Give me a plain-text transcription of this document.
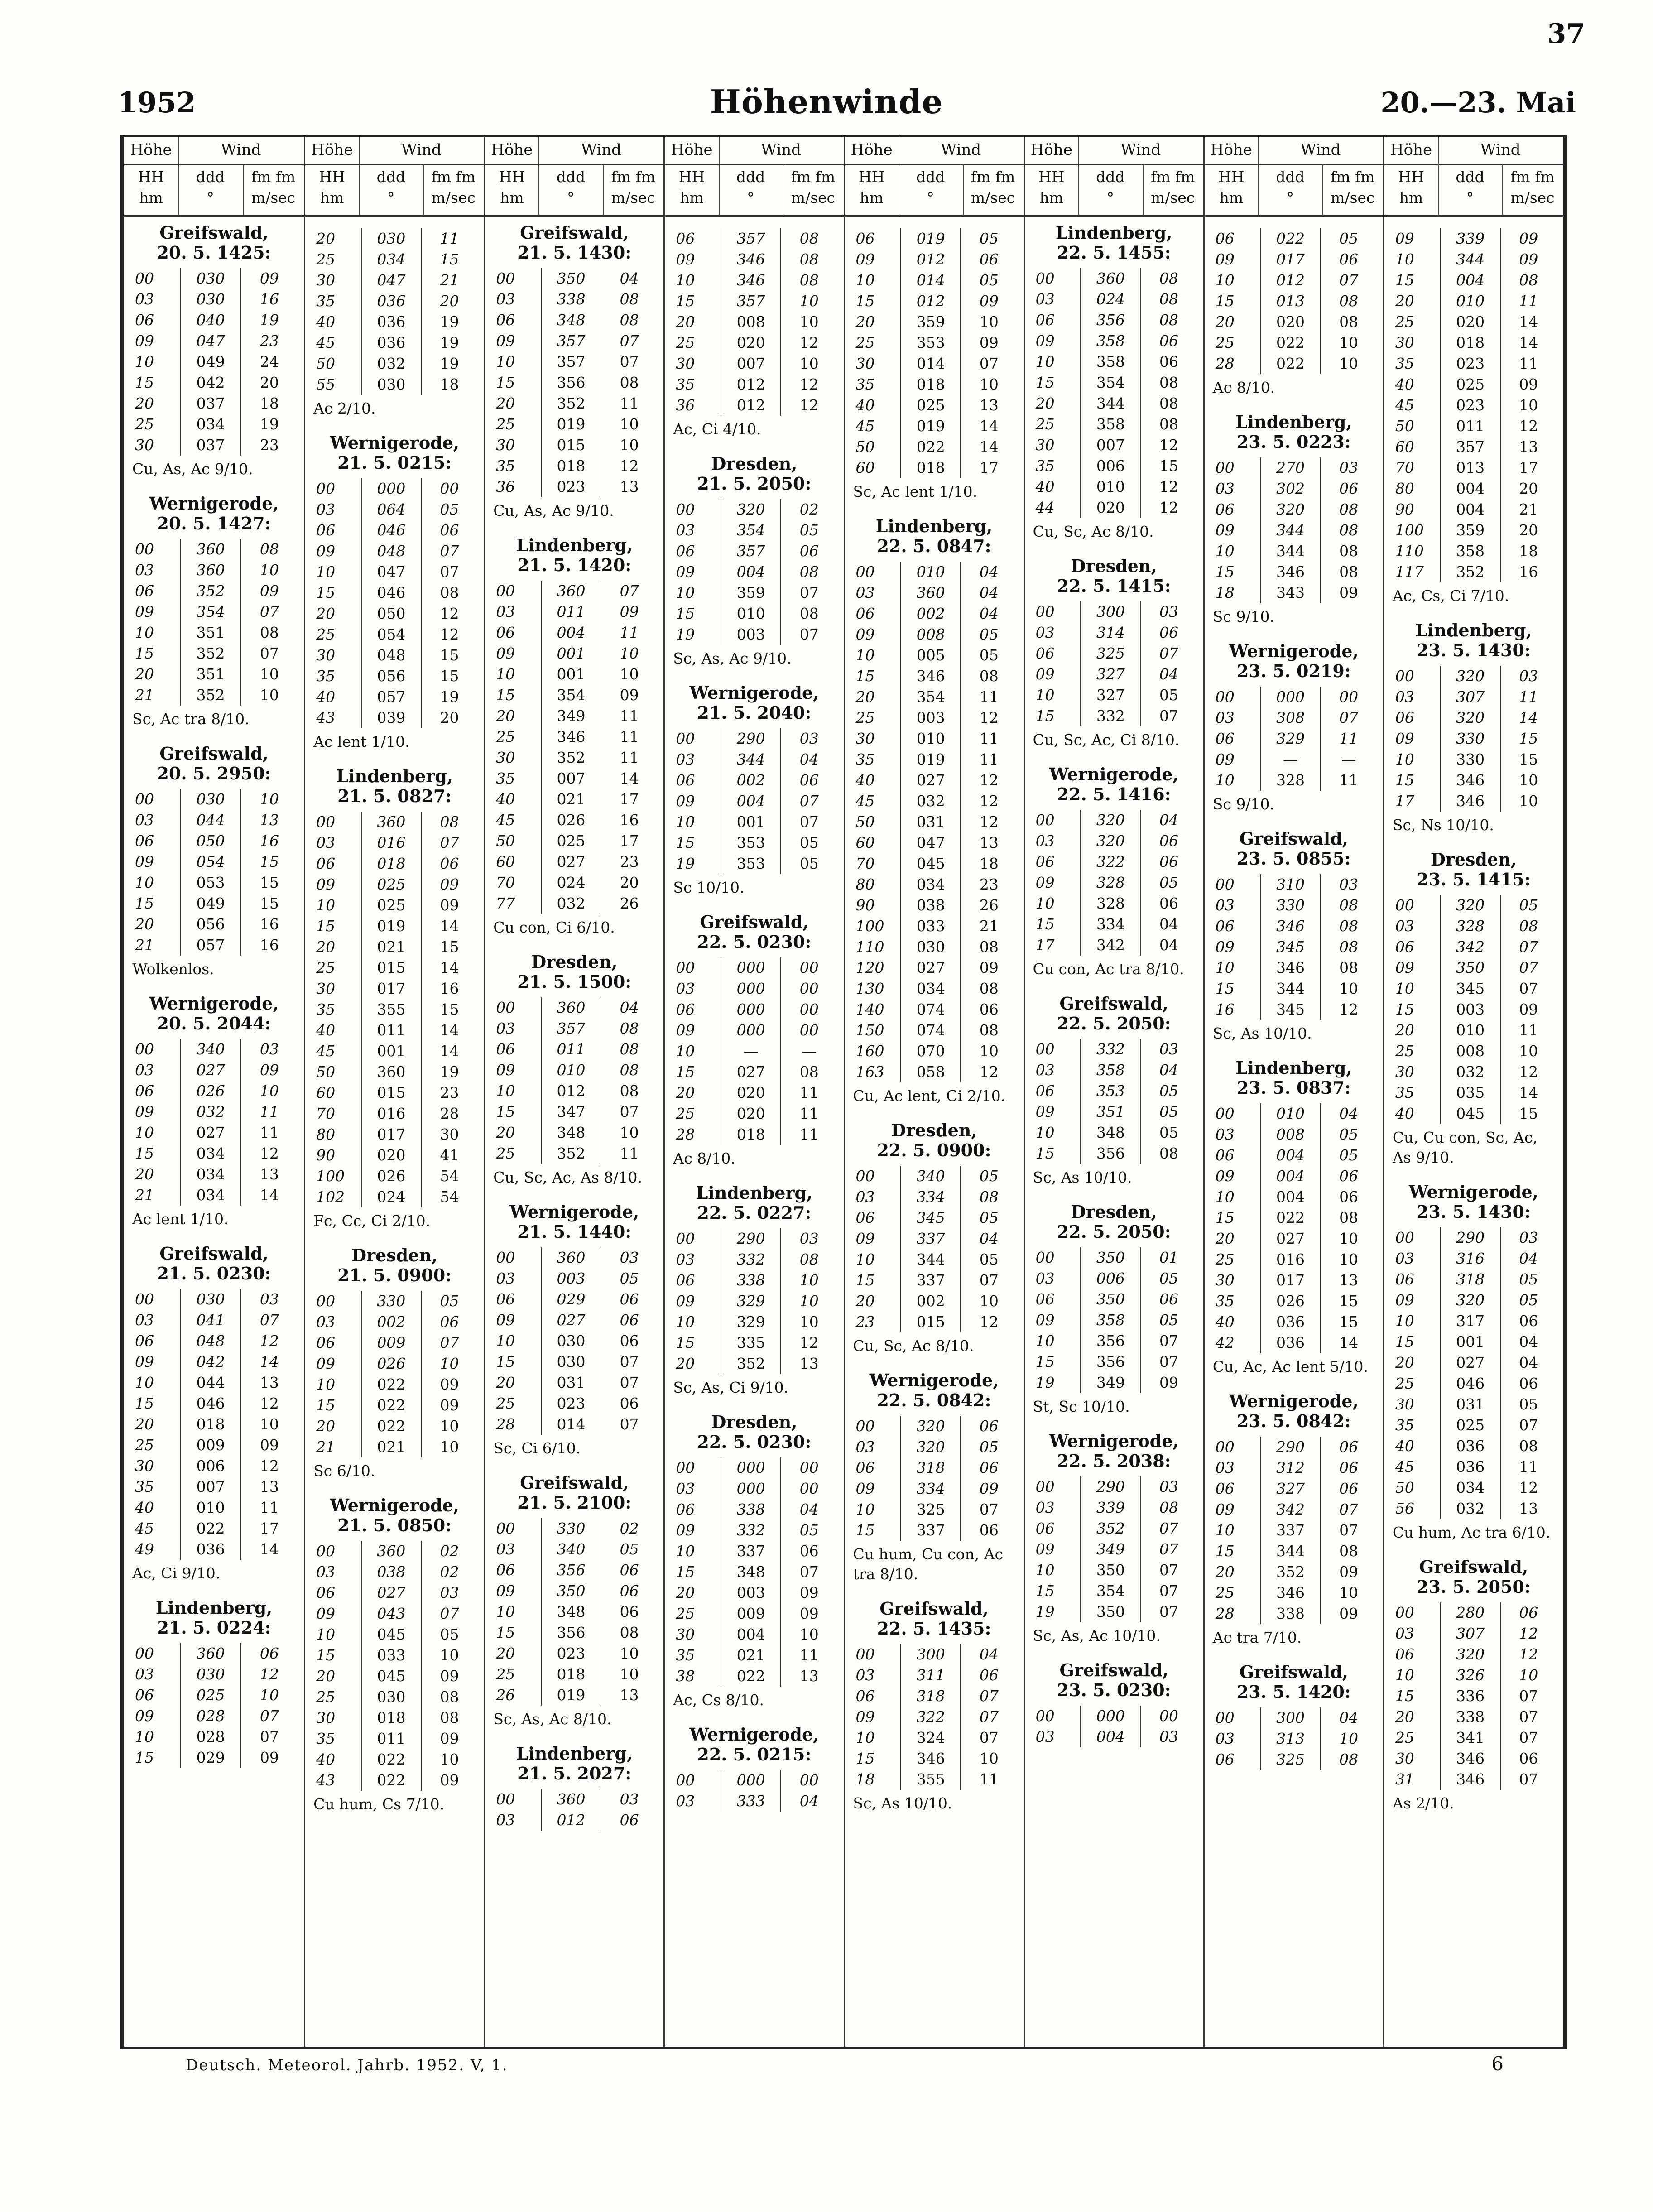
37
1952	Höhenwinde	20.—23. Mai
Höhe	Wind
HH
hm
ddd
°
fm fm
m/sec
Greifswald,
20. 5. 1425:
00	030	09
03	030	16
06	040	19
09	047	23
10	049	24
15	042	20
20	037	18
25	034	19
30	037	23
Cu, As, Ac 9/10.
Wernigerode,
20. 5. 1427:
00	360	08
03	360	10
06	352	09
09	354	07
10	351	08
15	352	07
20	351	10
21	352	10
Sc, Ac tra 8/10.
Greifswald,
20. 5. 2950:
00	030	10
03	044	13
06	050	16
09	054	15
10	053	15
15	049	15
20	056	16
21	057	16
Wolkenlos.
Wernigerode,
20. 5. 2044:
00	340	03
03	027	09
06	026	10
09	032	11
10	027	11
15	034	12
20	034	13
21	034	14
Ac lent 1/10.
Greifswald,
21. 5. 0230:
00	030	03
03	041	07
06	048	12
09	042	14
10	044	13
15	046	12
20	018	10
25	009	09
30	006	12
35	007	13
40	010	11
45	022	17
49	036	14
Ac, Ci 9/10.
Lindenberg,
21. 5. 0224:
00	360	06
03	030	12
06	025	10
09	028	07
10	028	07
15	029	09
Höhe	Wind
HH
hm
ddd
°
fm fm
m/sec
20	030	11
25	034	15
30	047	21
35	036	20
40	036	19
45	036	19
50	032	19
55	030	18
Ac 2/10.
Wernigerode,
21. 5. 0215:
00	000	00
03	064	05
06	046	06
09	048	07
10	047	07
15	046	08
20	050	12
25	054	12
30	048	15
35	056	15
40	057	19
43	039	20
Ac lent 1/10.
Lindenberg,
21. 5. 0827:
00	360	08
03	016	07
06	018	06
09	025	09
10	025	09
15	019	14
20	021	15
25	015	14
30	017	16
35	355	15
40	011	14
45	001	14
50	360	19
60	015	23
70	016	28
80	017	30
90	020	41
100	026	54
102	024	54
Fc, Cc, Ci 2/10.
Dresden,
21. 5. 0900:
00	330	05
03	002	06
06	009	07
09	026	10
10	022	09
15	022	09
20	022	10
21	021	10
Sc 6/10.
Wernigerode,
21. 5. 0850:
00	360	02
03	038	02
06	027	03
09	043	07
10	045	05
15	033	10
20	045	09
25	030	08
30	018	08
35	011	09
40	022	10
43	022	09
Cu hum, Cs 7/10.
Höhe	Wind
HH
hm
ddd
°
fm fm
m/sec
Greifswald,
21. 5. 1430:
00	350	04
03	338	08
06	348	08
09	357	07
10	357	07
15	356	08
20	352	11
25	019	10
30	015	10
35	018	12
36	023	13
Cu, As, Ac 9/10.
Lindenberg,
21. 5. 1420:
00	360	07
03	011	09
06	004	11
09	001	10
10	001	10
15	354	09
20	349	11
25	346	11
30	352	11
35	007	14
40	021	17
45	026	16
50	025	17
60	027	23
70	024	20
77	032	26
Cu con, Ci 6/10.
Dresden,
21. 5. 1500:
00	360	04
03	357	08
06	011	08
09	010	08
10	012	08
15	347	07
20	348	10
25	352	11
Cu, Sc, Ac, As 8/10.
Wernigerode,
21. 5. 1440:
00	360	03
03	003	05
06	029	06
09	027	06
10	030	06
15	030	07
20	031	07
25	023	06
28	014	07
Sc, Ci 6/10.
Greifswald,
21. 5. 2100:
00	330	02
03	340	05
06	356	06
09	350	06
10	348	06
15	356	08
20	023	10
25	018	10
26	019	13
Sc, As, Ac 8/10.
Lindenberg,
21. 5. 2027:
00	360	03
03	012	06
Höhe	Wind
HH
hm
ddd
°
fm fm
m/sec
06	357	08
09	346	08
10	346	08
15	357	10
20	008	10
25	020	12
30	007	10
35	012	12
36	012	12
Ac, Ci 4/10.
Dresden,
21. 5. 2050:
00	320	02
03	354	05
06	357	06
09	004	08
10	359	07
15	010	08
19	003	07
Sc, As, Ac 9/10.
Wernigerode,
21. 5. 2040:
00	290	03
03	344	04
06	002	06
09	004	07
10	001	07
15	353	05
19	353	05
Sc 10/10.
Greifswald,
22. 5. 0230:
00	000	00
03	000	00
06	000	00
09	000	00
10	—	—
15	027	08
20	020	11
25	020	11
28	018	11
Ac 8/10.
Lindenberg,
22. 5. 0227:
00	290	03
03	332	08
06	338	10
09	329	10
10	329	10
15	335	12
20	352	13
Sc, As, Ci 9/10.
Dresden,
22. 5. 0230:
00	000	00
03	000	00
06	338	04
09	332	05
10	337	06
15	348	07
20	003	09
25	009	09
30	004	10
35	021	11
38	022	13
Ac, Cs 8/10.
Wernigerode,
22. 5. 0215:
00	000	00
03	333	04
Höhe	Wind
HH
hm
ddd
°
fm fm
m/sec
06	019	05
09	012	06
10	014	05
15	012	09
20	359	10
25	353	09
30	014	07
35	018	10
40	025	13
45	019	14
50	022	14
60	018	17
Sc, Ac lent 1/10.
Lindenberg,
22. 5. 0847:
00	010	04
03	360	04
06	002	04
09	008	05
10	005	05
15	346	08
20	354	11
25	003	12
30	010	11
35	019	11
40	027	12
45	032	12
50	031	12
60	047	13
70	045	18
80	034	23
90	038	26
100	033	21
110	030	08
120	027	09
130	034	08
140	074	06
150	074	08
160	070	10
163	058	12
Cu, Ac lent, Ci 2/10.
Dresden,
22. 5. 0900:
00	340	05
03	334	08
06	345	05
09	337	04
10	344	05
15	337	07
20	002	10
23	015	12
Cu, Sc, Ac 8/10.
Wernigerode,
22. 5. 0842:
00	320	06
03	320	05
06	318	06
09	334	09
10	325	07
15	337	06
Cu hum, Cu con, Ac tra 8/10.
Greifswald,
22. 5. 1435:
00	300	04
03	311	06
06	318	07
09	322	07
10	324	07
15	346	10
18	355	11
Sc, As 10/10.
Höhe	Wind
HH
hm
ddd
°
fm fm
m/sec
Lindenberg,
22. 5. 1455:
00	360	08
03	024	08
06	356	08
09	358	06
10	358	06
15	354	08
20	344	08
25	358	08
30	007	12
35	006	15
40	010	12
44	020	12
Cu, Sc, Ac 8/10.
Dresden,
22. 5. 1415:
00	300	03
03	314	06
06	325	07
09	327	04
10	327	05
15	332	07
Cu, Sc, Ac, Ci 8/10.
Wernigerode,
22. 5. 1416:
00	320	04
03	320	06
06	322	06
09	328	05
10	328	06
15	334	04
17	342	04
Cu con, Ac tra 8/10.
Greifswald,
22. 5. 2050:
00	332	03
03	358	04
06	353	05
09	351	05
10	348	05
15	356	08
Sc, As 10/10.
Dresden,
22. 5. 2050:
00	350	01
03	006	05
06	350	06
09	358	05
10	356	07
15	356	07
19	349	09
St, Sc 10/10.
Wernigerode,
22. 5. 2038:
00	290	03
03	339	08
06	352	07
09	349	07
10	350	07
15	354	07
19	350	07
Sc, As, Ac 10/10.
Greifswald,
23. 5. 0230:
00	000	00
03	004	03
Höhe	Wind
HH
hm
ddd
°
fm fm
m/sec
06	022	05
09	017	06
10	012	07
15	013	08
20	020	08
25	022	10
28	022	10
Ac 8/10.
Lindenberg,
23. 5. 0223:
00	270	03
03	302	06
06	320	08
09	344	08
10	344	08
15	346	08
18	343	09
Sc 9/10.
Wernigerode,
23. 5. 0219:
00	000	00
03	308	07
06	329	11
09	—	—
10	328	11
Sc 9/10.
Greifswald,
23. 5. 0855:
00	310	03
03	330	08
06	346	08
09	345	08
10	346	08
15	344	10
16	345	12
Sc, As 10/10.
Lindenberg,
23. 5. 0837:
00	010	04
03	008	05
06	004	05
09	004	06
10	004	06
15	022	08
20	027	10
25	016	10
30	017	13
35	026	15
40	036	15
42	036	14
Cu, Ac, Ac lent 5/10.
Wernigerode,
23. 5. 0842:
00	290	06
03	312	06
06	327	06
09	342	07
10	337	07
15	344	08
20	352	09
25	346	10
28	338	09
Ac tra 7/10.
Greifswald,
23. 5. 1420:
00	300	04
03	313	10
06	325	08
Höhe	Wind
HH
hm
ddd
°
fm fm
m/sec
09	339	09
10	344	09
15	004	08
20	010	11
25	020	14
30	018	14
35	023	11
40	025	09
45	023	10
50	011	12
60	357	13
70	013	17
80	004	20
90	004	21
100	359	20
110	358	18
117	352	16
Ac, Cs, Ci 7/10.
Lindenberg,
23. 5. 1430:
00	320	03
03	307	11
06	320	14
09	330	15
10	330	15
15	346	10
17	346	10
Sc, Ns 10/10.
Dresden,
23. 5. 1415:
00	320	05
03	328	08
06	342	07
09	350	07
10	345	07
15	003	09
20	010	11
25	008	10
30	032	12
35	035	14
40	045	15
Cu, Cu con, Sc, Ac, As 9/10.
Wernigerode,
23. 5. 1430:
00	290	03
03	316	04
06	318	05
09	320	05
10	317	06
15	001	04
20	027	04
25	046	06
30	031	05
35	025	07
40	036	08
45	036	11
50	034	12
56	032	13
Cu hum, Ac tra 6/10.
Greifswald,
23. 5. 2050:
00	280	06
03	307	12
06	320	12
10	326	10
15	336	07
20	338	07
25	341	07
30	346	06
31	346	07
As 2/10.
Deutsch. Meteorol. Jahrb. 1952. V, 1.	6
